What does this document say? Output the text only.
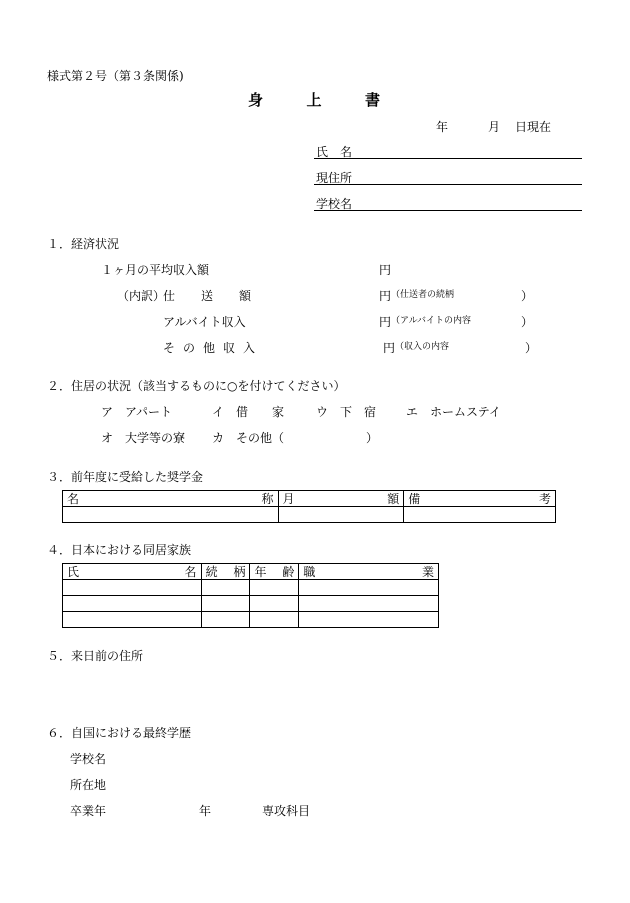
様式第２号（第３条関係)
身	上	書
年	月 日現在
氏　名
現住所
学校名
１．経済状況
１ヶ月の平均収入額	円
（内訳）
仕 送 額	円 （仕送者の続柄	）
アルバイト収入	円 （アルバイトの内容	）
そ の 他 収 入	円 （収入の内容	）
２．住居の状況（該当するものに○を付けてください）
ア　アパート	イ　借　　家	ウ　下　宿 エ　ホームステイ
オ　大学等の寮 カ　その他（	）
３．前年度に受給した奨学金
名 称	月 額	備 考

４．日本における同居家族
氏 名	続 柄	年 齢	職 業

５．来日前の住所
６．自国における最終学歴
学校名
所在地
卒業年	年	専攻科目
